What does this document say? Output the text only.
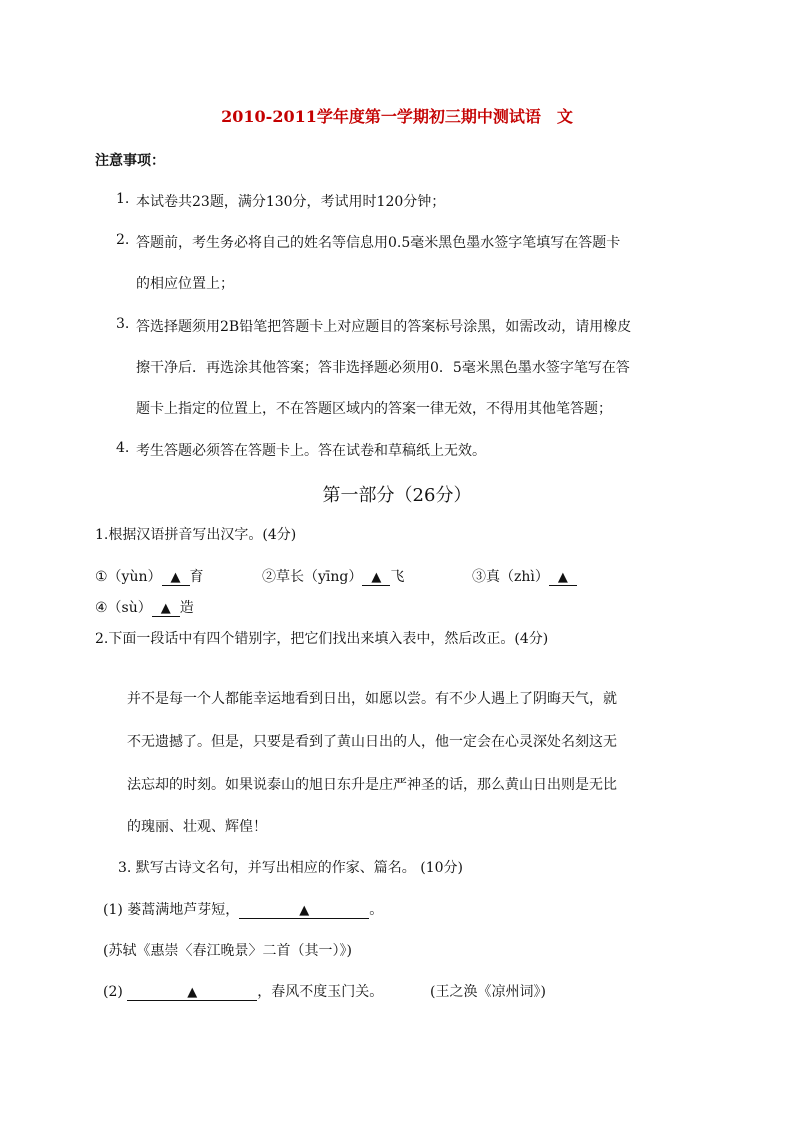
2010-2011学年度第一学期初三期中测试语　文
注意事项：
1. 本试卷共23题，满分130分，考试用时120分钟；
2. 答题前，考生务必将自己的姓名等信息用0.5毫米黑色墨水签字笔填写在答题卡
的相应位置上；
3. 答选择题须用2B铅笔把答题卡上对应题目的答案标号涂黑，如需改动，请用橡皮
擦干净后．再选涂其他答案；答非选择题必须用0．5毫米黑色墨水签字笔写在答
题卡上指定的位置上，不在答题区域内的答案一律无效，不得用其他笔答题；
4. 考生答题必须答在答题卡上。答在试卷和草稿纸上无效。
第一部分（26分）
1.根据汉语拼音写出汉字。(4分)
①（yùn） ▲ 育	②草长（yīng） ▲ 飞	③真（zhì） ▲
④（sù） ▲ 造
2.下面一段话中有四个错别字，把它们找出来填入表中，然后改正。(4分)
并不是每一个人都能幸运地看到日出，如愿以尝。有不少人遇上了阴晦天气，就
不无遗撼了。但是，只要是看到了黄山日出的人，他一定会在心灵深处名刻这无
法忘却的时刻。如果说泰山的旭日东升是庄严神圣的话，那么黄山日出则是无比
的瑰丽、壮观、辉偟！
3. 默写古诗文名句，并写出相应的作家、篇名。 (10分)
(1) 蒌蒿满地芦芽短，	▲	。
(苏轼《惠崇〈春江晚景〉二首（其一）》)
(2)	▲	，春风不度玉门关。	(王之涣《凉州词》)
